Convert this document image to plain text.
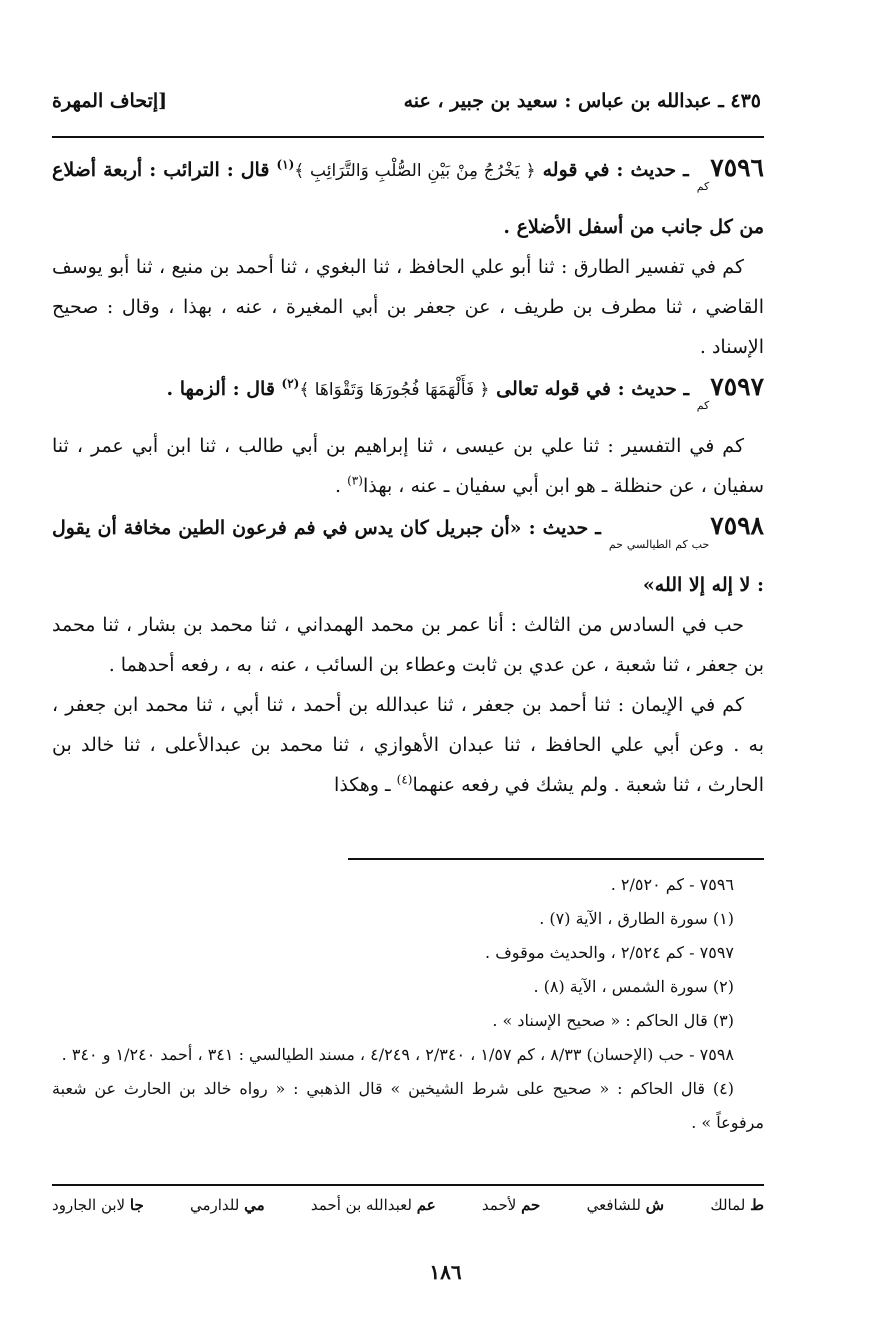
٤٣٥ ـ عبدالله بن عباس : سعيد بن جبير ، عنه
[إتحاف المهرة

$٧٥٩٦_{كم}$ ـ حديث : في قوله ﴿ يَخْرُجُ مِنْ بَيْنِ الصُّلْبِ وَالتَّرَائِبِ ﴾$^{(١)}$ قال : الترائب : أربعة أضلاع من كل جانب من أسفل الأضلاع .

كم في تفسير الطارق : ثنا أبو علي الحافظ ، ثنا البغوي ، ثنا أحمد بن منيع ، ثنا أبو يوسف القاضي ، ثنا مطرف بن طريف ، عن جعفر بن أبي المغيرة ، عنه ، بهذا ، وقال : صحيح الإسناد .

$٧٥٩٧_{كم}$ ـ حديث : في قوله تعالى ﴿ فَأَلْهَمَهَا فُجُورَهَا وَتَقْوَاهَا ﴾$^{(٢)}$ قال : ألزمها .

كم في التفسير : ثنا علي بن عيسى ، ثنا إبراهيم بن أبي طالب ، ثنا ابن أبي عمر ، ثنا سفيان ، عن حنظلة ـ هو ابن أبي سفيان ـ عنه ، بهذا$^{(٣)}$ .

$٧٥٩٨_{حب كم الطيالسي حم}$ ـ حديث : «أن جبريل كان يدس في فم فرعون الطين مخافة أن يقول : لا إله إلا الله»

حب في السادس من الثالث : أنا عمر بن محمد الهمداني ، ثنا محمد بن بشار ، ثنا محمد بن جعفر ، ثنا شعبة ، عن عدي بن ثابت وعطاء بن السائب ، عنه ، به ، رفعه أحدهما .

كم في الإيمان : ثنا أحمد بن جعفر ، ثنا عبدالله بن أحمد ، ثنا أبي ، ثنا محمد ابن جعفر ، به . وعن أبي علي الحافظ ، ثنا عبدان الأهوازي ، ثنا محمد بن عبدالأعلى ، ثنا خالد بن الحارث ، ثنا شعبة . ولم يشك في رفعه عنهما$^{(٤)}$ ـ وهكذا

٧٥٩٦ - كم ٢/٥٢٠ .

(١) سورة الطارق ، الآية (٧) .

٧٥٩٧ - كم ٢/٥٢٤ ، والحديث موقوف .

(٢) سورة الشمس ، الآية (٨) .

(٣) قال الحاكم : « صحيح الإسناد » .

٧٥٩٨ - حب (الإحسان) ٨/٣٣ ، كم ١/٥٧ ، ٢/٣٤٠ ، ٤/٢٤٩ ، مسند الطيالسي : ٣٤١ ، أحمد ١/٢٤٠ و ٣٤٠ .

(٤) قال الحاكم : « صحيح على شرط الشيخين » قال الذهبي : « رواه خالد بن الحارث عن شعبة مرفوعاً » .

ط لمالك
ش للشافعي
حم لأحمد
عم لعبدالله بن أحمد
مي للدارمي
جا لابن الجارود
١٨٦
